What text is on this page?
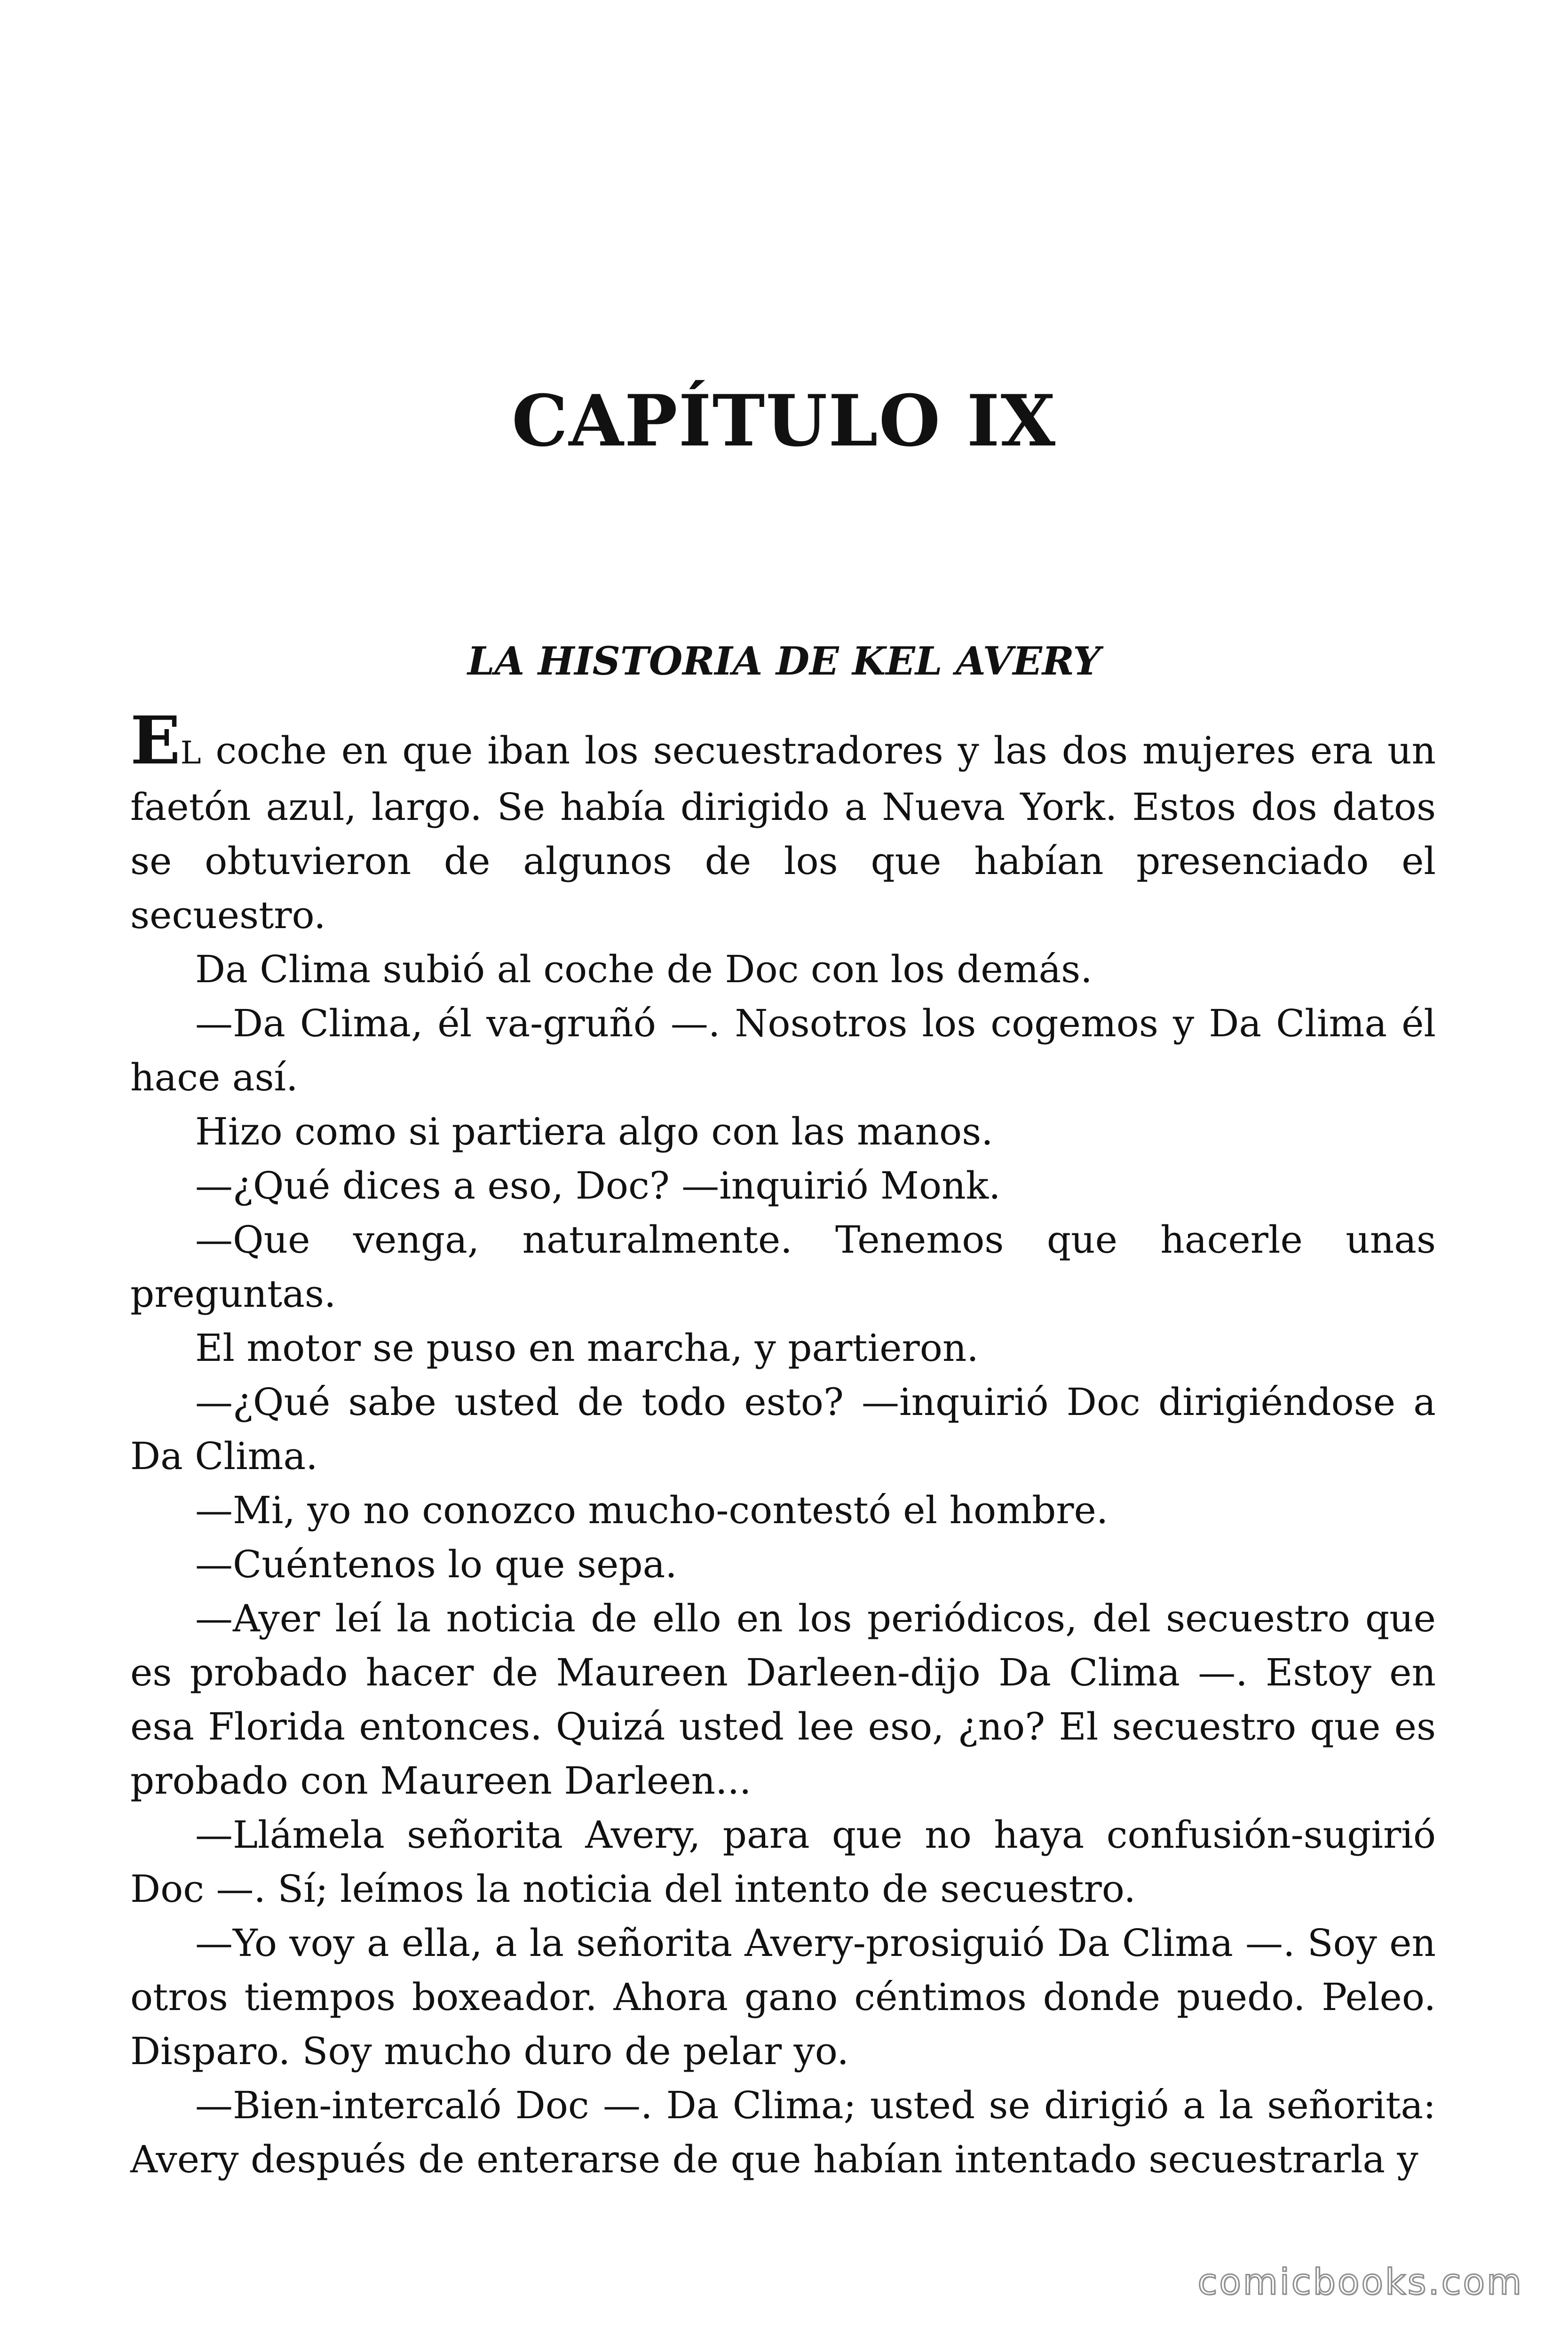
CAPÍTULO IX
LA HISTORIA DE KEL AVERY

EL coche en que iban los secuestradores y las dos mujeres era un faetón azul, largo. Se había dirigido a Nueva York. Estos dos datos se obtuvieron de algunos de los que habían presenciado el secuestro.

Da Clima subió al coche de Doc con los demás.

—Da Clima, él va-gruñó —. Nosotros los cogemos y Da Clima él hace así.

Hizo como si partiera algo con las manos.

—¿Qué dices a eso, Doc? —inquirió Monk.

—Que venga, naturalmente. Tenemos que hacerle unas preguntas.

El motor se puso en marcha, y partieron.

—¿Qué sabe usted de todo esto? —inquirió Doc dirigiéndose a Da Clima.

—Mi, yo no conozco mucho-contestó el hombre.

—Cuéntenos lo que sepa.

—Ayer leí la noticia de ello en los periódicos, del secuestro que es probado hacer de Maureen Darleen-dijo Da Clima —. Estoy en esa Florida entonces. Quizá usted lee eso, ¿no? El secuestro que es probado con Maureen Darleen...

—Llámela señorita Avery, para que no haya confusión-sugirió Doc —. Sí; leímos la noticia del intento de secuestro.

—Yo voy a ella, a la señorita Avery-prosiguió Da Clima —. Soy en otros tiempos boxeador. Ahora gano céntimos donde puedo. Peleo. Disparo. Soy mucho duro de pelar yo.

—Bien-intercaló Doc —. Da Clima; usted se dirigió a la señorita: Avery después de enterarse de que habían intentado secuestrarla y

comicbooks.com
